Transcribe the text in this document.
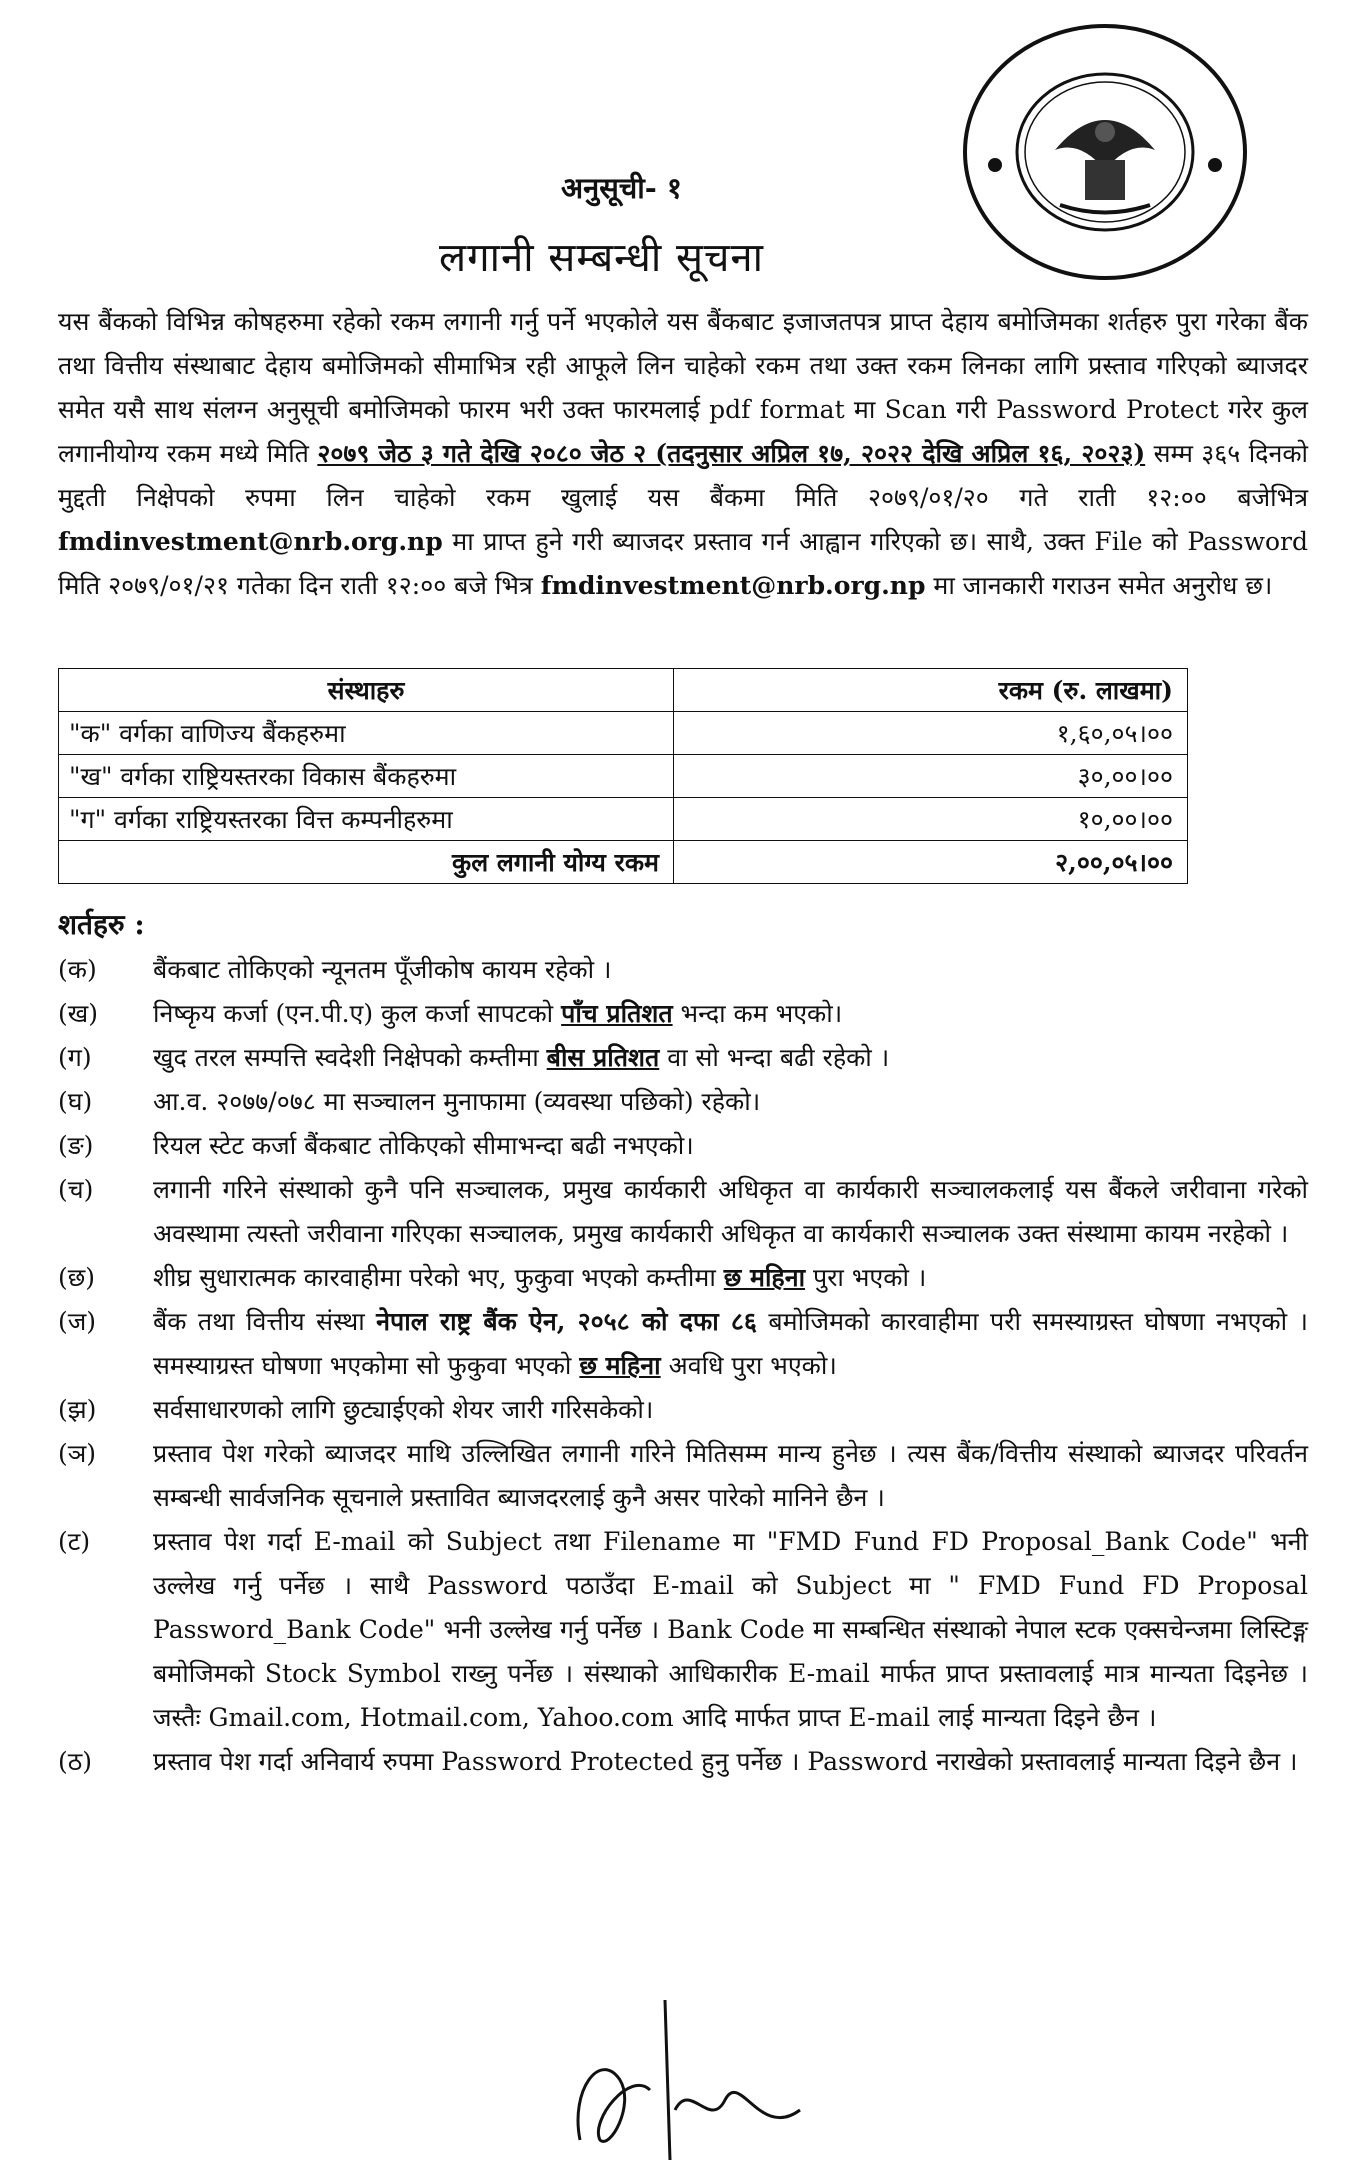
अनुसूची- १
लगानी सम्बन्धी सूचना
यस बैंकको विभिन्न कोषहरुमा रहेको रकम लगानी गर्नु पर्ने भएकोले यस बैंकबाट इजाजतपत्र प्राप्त देहाय बमोजिमका शर्तहरु पुरा गरेका बैंक तथा वित्तीय संस्थाबाट देहाय बमोजिमको सीमाभित्र रही आफूले लिन चाहेको रकम तथा उक्त रकम लिनका लागि प्रस्ताव गरिएको ब्याजदर समेत यसै साथ संलग्न अनुसूची बमोजिमको फारम भरी उक्त फारमलाई pdf format मा Scan गरी Password Protect गरेर कुल लगानीयोग्य रकम मध्ये मिति २०७९ जेठ ३ गते देखि २०८० जेठ २ (तदनुसार अप्रिल १७, २०२२ देखि अप्रिल १६, २०२३) सम्म ३६५ दिनको मुद्दती निक्षेपको रुपमा लिन चाहेको रकम खुलाई यस बैंकमा मिति २०७९/०१/२० गते राती १२:०० बजेभित्र fmdinvestment@nrb.org.np मा प्राप्त हुने गरी ब्याजदर प्रस्ताव गर्न आह्वान गरिएको छ। साथै, उक्त File को Password मिति २०७९/०१/२१ गतेका दिन राती १२:०० बजे भित्र fmdinvestment@nrb.org.np मा जानकारी गराउन समेत अनुरोध छ।
संस्थाहरु	रकम (रु. लाखमा)
"क" वर्गका वाणिज्य बैंकहरुमा	१,६०,०५।००
"ख" वर्गका राष्ट्रियस्तरका विकास बैंकहरुमा	३०,००।००
"ग" वर्गका राष्ट्रियस्तरका वित्त कम्पनीहरुमा	१०,००।००
कुल लगानी योग्य रकम	२,००,०५।००
शर्तहरु :
(क) बैंकबाट तोकिएको न्यूनतम पूँजीकोष कायम रहेको ।
(ख) निष्कृय कर्जा (एन.पी.ए) कुल कर्जा सापटको पाँच प्रतिशत भन्दा कम भएको।
(ग) खुद तरल सम्पत्ति स्वदेशी निक्षेपको कम्तीमा बीस प्रतिशत वा सो भन्दा बढी रहेको ।
(घ) आ.व. २०७७/०७८ मा सञ्चालन मुनाफामा (व्यवस्था पछिको) रहेको।
(ङ) रियल स्टेट कर्जा बैंकबाट तोकिएको सीमाभन्दा बढी नभएको।
(च) लगानी गरिने संस्थाको कुनै पनि सञ्चालक, प्रमुख कार्यकारी अधिकृत वा कार्यकारी सञ्चालकलाई यस बैंकले जरीवाना गरेको अवस्थामा त्यस्तो जरीवाना गरिएका सञ्चालक, प्रमुख कार्यकारी अधिकृत वा कार्यकारी सञ्चालक उक्त संस्थामा कायम नरहेको ।
(छ) शीघ्र सुधारात्मक कारवाहीमा परेको भए, फुकुवा भएको कम्तीमा छ महिना पुरा भएको ।
(ज) बैंक तथा वित्तीय संस्था नेपाल राष्ट्र बैंक ऐन, २०५८ को दफा ८६ बमोजिमको कारवाहीमा परी समस्याग्रस्त घोषणा नभएको । समस्याग्रस्त घोषणा भएकोमा सो फुकुवा भएको छ महिना अवधि पुरा भएको।
(झ) सर्वसाधारणको लागि छुट्याईएको शेयर जारी गरिसकेको।
(ञ) प्रस्ताव पेश गरेको ब्याजदर माथि उल्लिखित लगानी गरिने मितिसम्म मान्य हुनेछ । त्यस बैंक/वित्तीय संस्थाको ब्याजदर परिवर्तन सम्बन्धी सार्वजनिक सूचनाले प्रस्तावित ब्याजदरलाई कुनै असर पारेको मानिने छैन ।
(ट)	प्रस्ताव पेश गर्दा E-mail को Subject तथा Filename मा "FMD Fund FD Proposal_Bank Code" भनी उल्लेख गर्नु पर्नेछ । साथै Password पठाउँदा E-mail को Subject मा " FMD Fund FD Proposal Password_Bank Code" भनी उल्लेख गर्नु पर्नेछ । Bank Code मा सम्बन्धित संस्थाको नेपाल स्टक एक्सचेन्जमा लिस्टिङ्ग बमोजिमको Stock Symbol राख्नु पर्नेछ । संस्थाको आधिकारीक E-mail मार्फत प्राप्त प्रस्तावलाई मात्र मान्यता दिइनेछ । जस्तैः Gmail.com, Hotmail.com, Yahoo.com आदि मार्फत प्राप्त E-mail लाई मान्यता दिइने छैन ।
(ठ) प्रस्ताव पेश गर्दा अनिवार्य रुपमा Password Protected हुनु पर्नेछ । Password नराखेको प्रस्तावलाई मान्यता दिइने छैन ।
